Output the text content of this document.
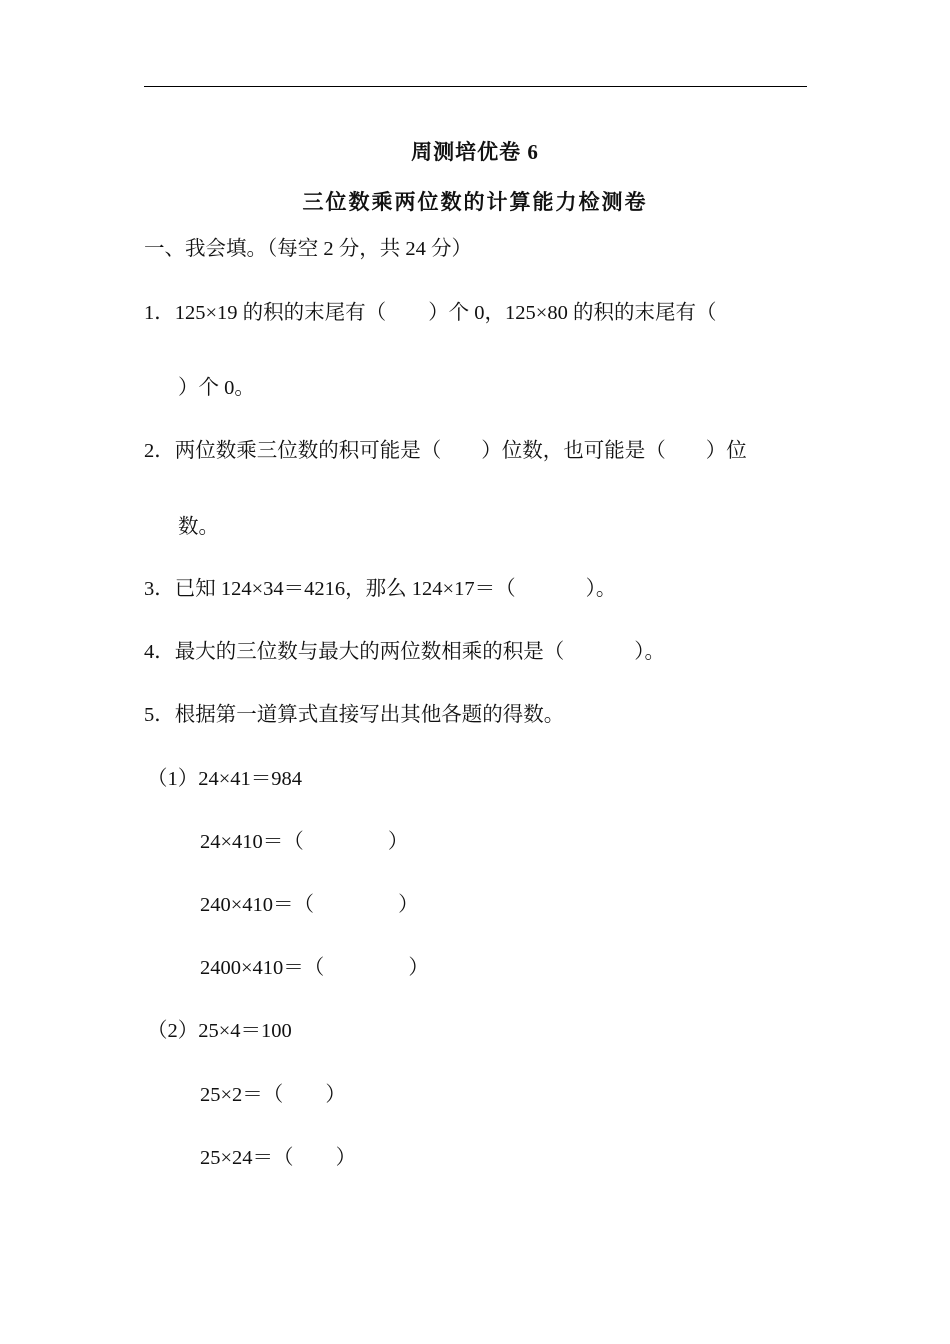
周测培优卷 6
三位数乘两位数的计算能力检测卷
一、我会填。（每空 2 分，共 24 分）
1．125×19 的积的末尾有（ ）个 0，125×80 的积的末尾有（
）个 0。
2．两位数乘三位数的积可能是（ ）位数，也可能是（ ）位
数。
3．已知 124×34＝4216，那么 124×17＝（	）。
4．最大的三位数与最大的两位数相乘的积是（	）。
5．根据第一道算式直接写出其他各题的得数。
（1）24×41＝984
24×410＝（	）
240×410＝（	）
2400×410＝（	）
（2）25×4＝100
25×2＝（ ）
25×24＝（ ）
